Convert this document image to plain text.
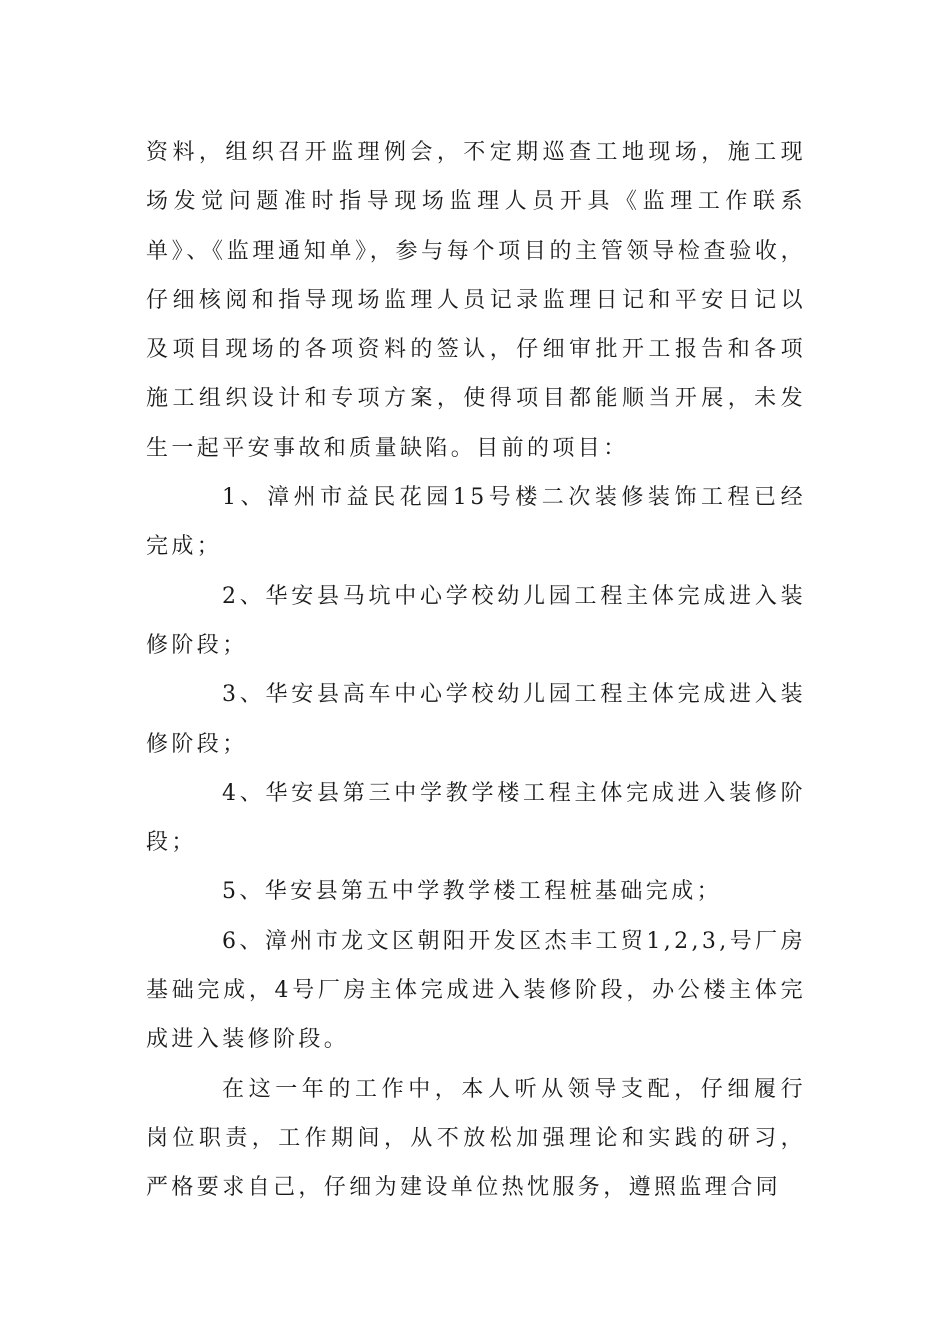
资料，组织召开监理例会，不定期巡查工地现场，施工现场发觉问题准时指导现场监理人员开具《监理工作联系单》、《监理通知单》，参与每个项目的主管领导检查验收，仔细核阅和指导现场监理人员记录监理日记和平安日记以及项目现场的各项资料的签认，仔细审批开工报告和各项施工组织设计和专项方案，使得项目都能顺当开展，未发生一起平安事故和质量缺陷。目前的项目：

1、漳州市益民花园15号楼二次装修装饰工程已经完成；

2、华安县马坑中心学校幼儿园工程主体完成进入装修阶段；

3、华安县高车中心学校幼儿园工程主体完成进入装修阶段；

4、华安县第三中学教学楼工程主体完成进入装修阶段；

5、华安县第五中学教学楼工程桩基础完成；

6、漳州市龙文区朝阳开发区杰丰工贸1,2,3,号厂房基础完成，4号厂房主体完成进入装修阶段，办公楼主体完成进入装修阶段。

在这一年的工作中，本人听从领导支配，仔细履行岗位职责，工作期间，从不放松加强理论和实践的研习，严格要求自己，仔细为建设单位热忱服务，遵照监理合同
